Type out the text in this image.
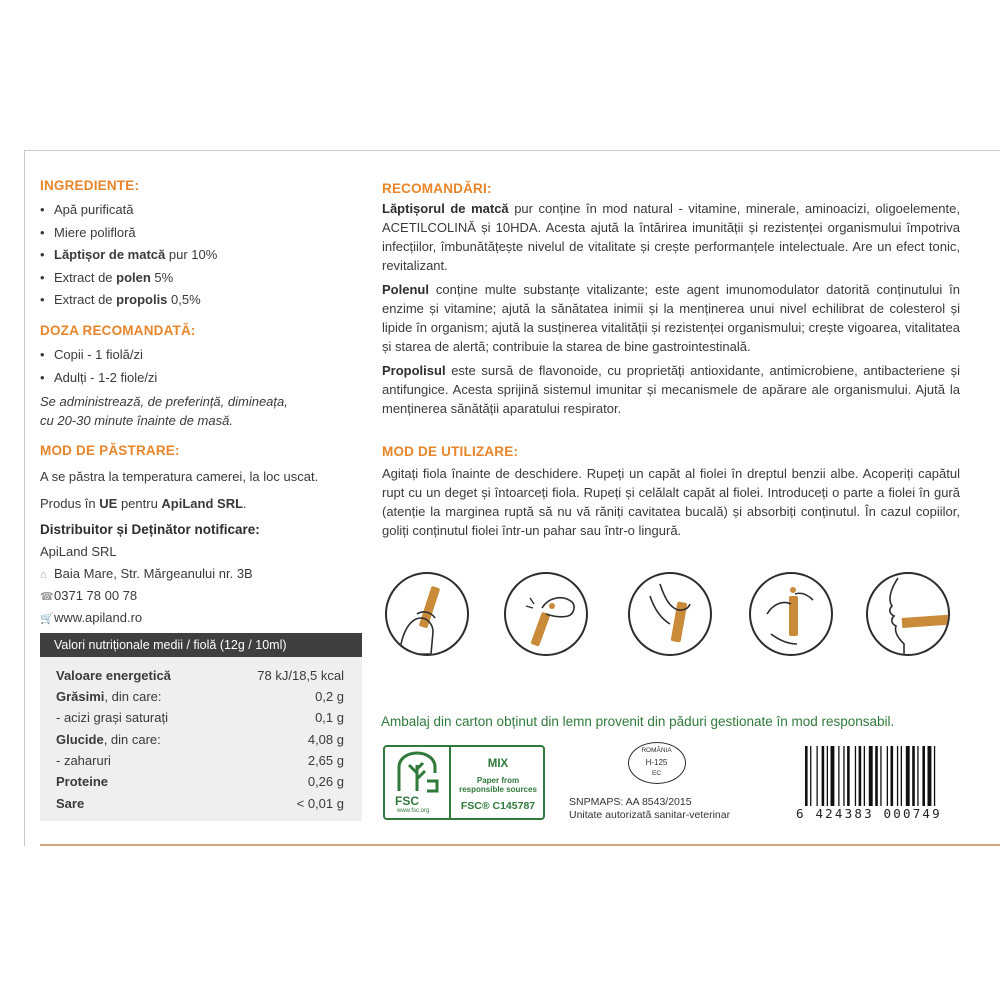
INGREDIENTE:
• Apă purificată
• Miere polifloră
• Lăptișor de matcă pur 10%
• Extract de polen 5%
• Extract de propolis 0,5%
DOZA RECOMANDATĂ:
• Copii - 1 fiolă/zi
• Adulți - 1-2 fiole/zi
Se administrează, de preferință, dimineața,
cu 20-30 minute înainte de masă.
MOD DE PĂSTRARE:
A se păstra la temperatura camerei, la loc uscat.
Produs în UE pentru ApiLand SRL.
Distribuitor și Deținător notificare:
ApiLand SRL
⌂ Baia Mare, Str. Mărgeanului nr. 3B
☎0371 78 00 78
🛒www.apiland.ro
Valori nutriționale medii / fiolă (12g / 10ml)
Valoare energetică	78 kJ/18,5 kcal
Grăsimi, din care:	0,2 g
- acizi grași saturați	0,1 g
Glucide, din care:	4,08 g
- zaharuri	2,65 g
Proteine	0,26 g
Sare	< 0,01 g
RECOMANDĂRI:
Lăptișorul de matcă pur conține în mod natural - vitamine, minerale, aminoacizi, oligoelemente, ACETILCOLINĂ și 10HDA. Acesta ajută la întărirea imunității și rezistenței organismului împotriva infecțiilor, îmbunătățește nivelul de vitalitate și crește performanțele intelectuale. Are un efect tonic, revitalizant.
Polenul conține multe substanțe vitalizante; este agent imunomodulator datorită conținutului în enzime și vitamine; ajută la sănătatea inimii și la menținerea unui nivel echilibrat de colesterol și lipide în organism; ajută la susținerea vitalității și rezistenței organismului; crește vigoarea, vitalitatea și starea de alertă; contribuie la starea de bine gastrointestinală.
Propolisul este sursă de flavonoide, cu proprietăți antioxidante, antimicrobiene, antibacteriene și antifungice. Acesta sprijină sistemul imunitar și mecanismele de apărare ale organismului. Ajută la menținerea sănătății aparatului respirator.
MOD DE UTILIZARE:
Agitați fiola înainte de deschidere. Rupeți un capăt al fiolei în dreptul benzii albe. Acoperiți capătul rupt cu un deget și întoarceți fiola. Rupeți și celălalt capăt al fiolei. Introduceți o parte a fiolei în gură (atenție la marginea ruptă să nu vă răniți cavitatea bucală) și absorbiți conținutul. În cazul copiilor, goliți conținutul fiolei într-un pahar sau într-o lingură.
Ambalaj din carton obținut din lemn provenit din păduri gestionate în mod responsabil.
FSC
www.fsc.org
MIX
Paper from
responsible sources
FSC® C145787
ROMÂNIA
H-125
EC
SNPMAPS: AA 8543/2015
Unitate autorizată sanitar-veterinar	6 424383 000749
